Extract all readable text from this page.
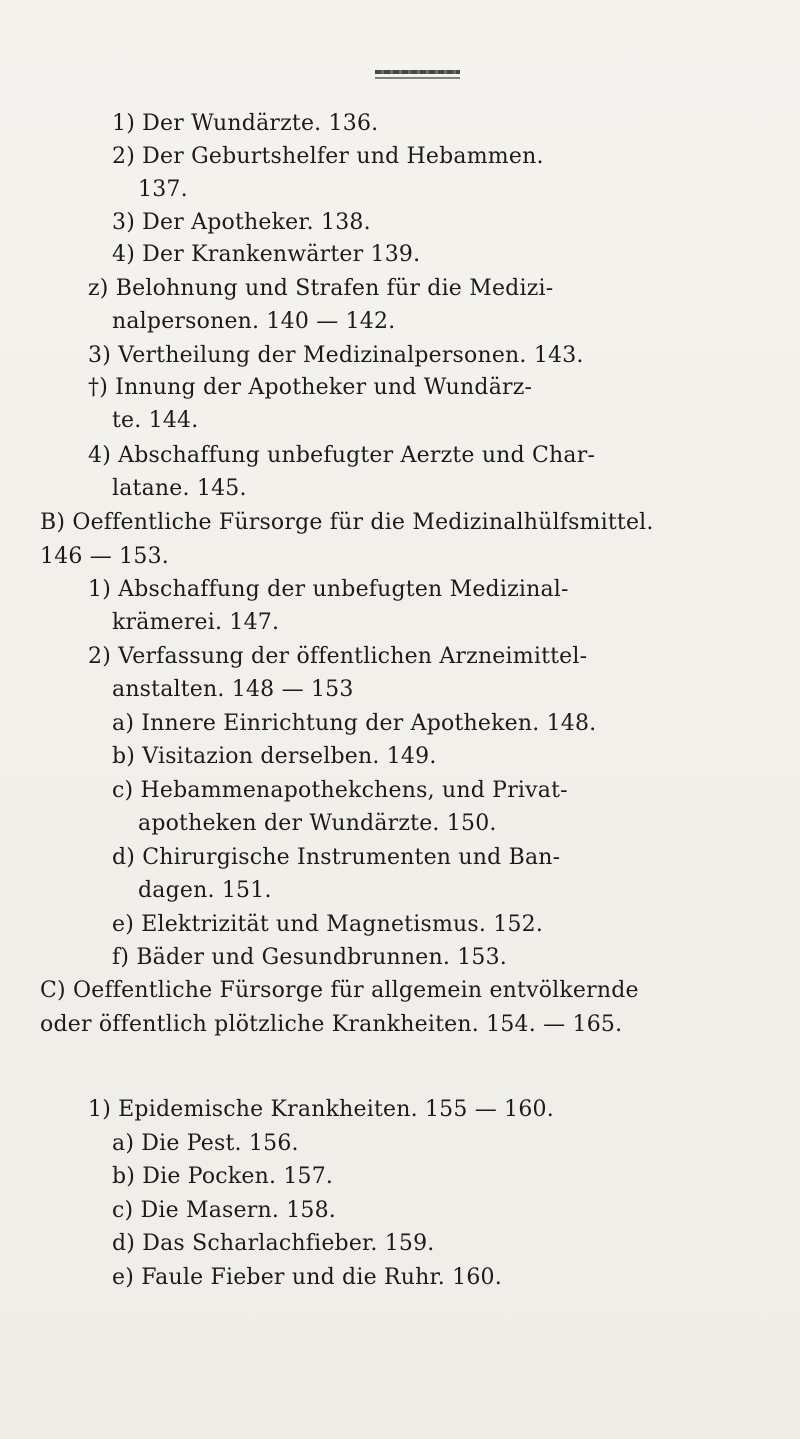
1) Der Wundärzte. 136.
2) Der Geburtshelfer und Hebammen.
137.
3) Der Apotheker. 138.
4) Der Krankenwärter 139.
z) Belohnung und Strafen für die Medizi-
nalpersonen. 140 — 142.
3) Vertheilung der Medizinalpersonen. 143.
†) Innung der Apotheker und Wundärz-
te. 144.
4) Abschaffung unbefugter Aerzte und Char-
latane. 145.
B) Oeffentliche Fürsorge für die Medizinalhülfsmittel.
146 — 153.
1) Abschaffung der unbefugten Medizinal-
krämerei. 147.
2) Verfassung der öffentlichen Arzneimittel-
anstalten. 148 — 153
a) Innere Einrichtung der Apotheken. 148.
b) Visitazion derselben. 149.
c) Hebammenapothekchens, und Privat-
apotheken der Wundärzte. 150.
d) Chirurgische Instrumenten und Ban-
dagen. 151.
e) Elektrizität und Magnetismus. 152.
f) Bäder und Gesundbrunnen. 153.
C) Oeffentliche Fürsorge für allgemein entvölkernde
oder öffentlich plötzliche Krankheiten. 154. — 165.
1) Epidemische Krankheiten. 155 — 160.
a) Die Pest. 156.
b) Die Pocken. 157.
c) Die Masern. 158.
d) Das Scharlachfieber. 159.
e) Faule Fieber und die Ruhr. 160.
